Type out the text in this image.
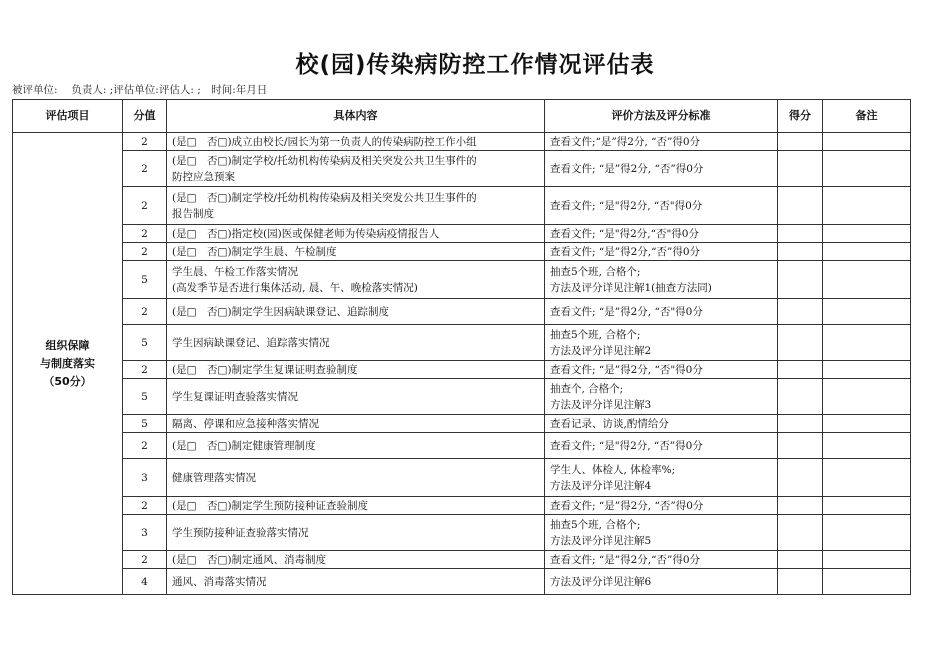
校(园)传染病防控工作情况评估表
被评单位:　 负责人: ;评估单位:评估人: ;　时间:年月日
评估项目	分值	具体内容	评价方法及评分标准	得分	备注

组织保障
与制度落实
（50分）	2	(是□　否□)成立由校长/园长为第一负责人的传染病防控工作小组	查看文件;“是”得2分, “否”得0分		

	2	(是□　否□)制定学校/托幼机构传染病及相关突发公共卫生事件的
防控应急预案	查看文件; “是”得2分, “否”得0分		

	2	(是□　否□)制定学校/托幼机构传染病及相关突发公共卫生事件的
报告制度	查看文件; “是"得2分, “否"得0分		

	2	(是□　否□)指定校(园)医或保健老师为传染病疫情报告人	查看文件; “是"得2分,“否"得0分		

	2	(是□　否□)制定学生晨、午检制度	查看文件; “是”得2分,“否”得0分		

	5	学生晨、午检工作落实情况
(高发季节是否进行集体活动, 晨、午、晚检落实情况)	抽查5个班, 合格个;
方法及评分详见注解1(抽查方法同)		

	2	(是□　否□)制定学生因病缺课登记、追踪制度	查看文件; “是”得2分, “否"得0分		

	5	学生因病缺课登记、追踪落实情况	抽查5个班, 合格个;
方法及评分详见注解2		

	2	(是□　否□)制定学生复课证明查验制度	查看文件; “是”得2分, “否"得0分		

	5	学生复课证明查验落实情况	抽查个, 合格个;
方法及评分详见注解3		

	5	隔离、停课和应急接种落实情况	查看记录、访谈,酌情给分		

	2	(是□　否□)制定健康管理制度	查看文件; “是"得2分, “否”得0分		

	3	健康管理落实情况	学生人、体检人, 体检率%;
方法及评分详见注解4		

	2	(是□　否□)制定学生预防接种证查验制度	查看文件; “是”得2分, “否”得0分		

	3	学生预防接种证查验落实情况	抽查5个班, 合格个;
方法及评分详见注解5		

	2	(是□　否□)制定通风、消毒制度	查看文件; “是”得2分,“否”得0分		

	4	通风、消毒落实情况	方法及评分详见注解6		
